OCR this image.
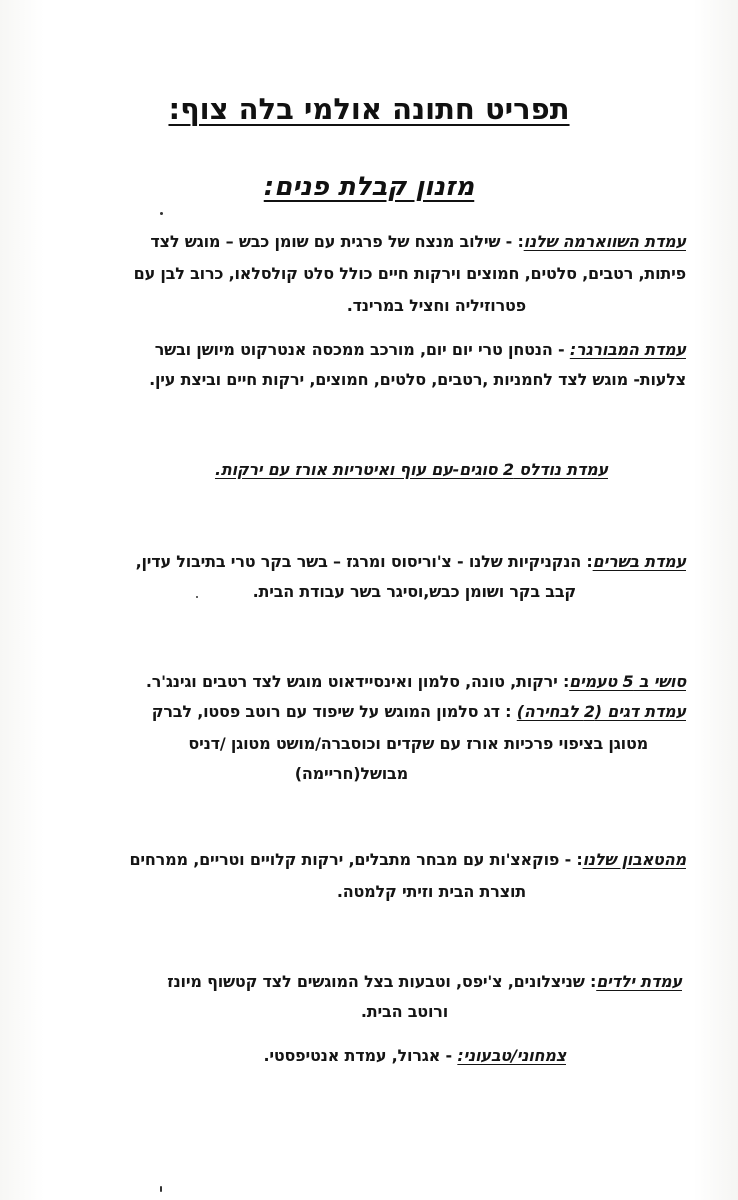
תפריט חתונה אולמי בלה צוף:
מזנון קבלת פנים:
עמדת השווארמה שלנו: - שילוב מנצח של פרגית עם שומן כבש – מוגש לצד
פיתות, רטבים, סלטים, חמוצים וירקות חיים כולל סלט קולסלאו, כרוב לבן עם
פטרוזיליה וחציל במרינד.
עמדת המבורגר: - הנטחן טרי יום יום, מורכב ממכסה אנטרקוט מיושן ובשר
צלעות- מוגש לצד לחמניות ,רטבים, סלטים, חמוצים, ירקות חיים וביצת עין.
עמדת נודלס 2 סוגים-עם עוף ואיטריות אורז עם ירקות.
עמדת בשרים: הנקניקיות שלנו - צ'וריסוס ומרגז – בשר בקר טרי בתיבול עדין,
קבב בקר ושומן כבש,וסיגר בשר עבודת הבית.
סושי ב 5 טעמים: ירקות, טונה, סלמון ואינסיידאוט מוגש לצד רטבים וגינג'ר.
עמדת דגים (2 לבחירה) : דג סלמון המוגש על שיפוד עם רוטב פסטו, לברק
מטוגן בציפוי פרכיות אורז עם שקדים וכוסברה/מושט מטוגן /דניס
מבושל(חריימה)
מהטאבון שלנו: - פוקאצ'ות עם מבחר מתבלים, ירקות קלויים וטריים, ממרחים
תוצרת הבית וזיתי קלמטה.
עמדת ילדים: שניצלונים, צ'יפס, וטבעות בצל המוגשים לצד קטשוף מיונז
ורוטב הבית.
צמחוני/טבעוני: - אגרול, עמדת אנטיפסטי.
